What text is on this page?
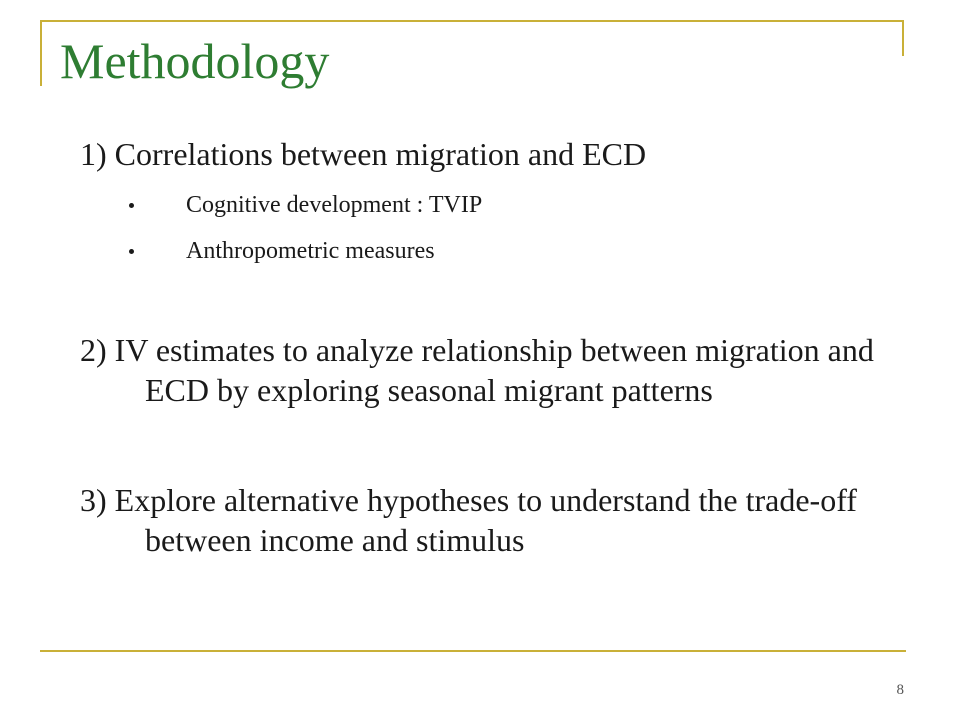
Methodology

1) Correlations between migration and ECD

Cognitive development : TVIP
Anthropometric measures

2) IV estimates to analyze relationship between migration and ECD by exploring seasonal migrant patterns

3) Explore alternative hypotheses to understand the trade-off between income and stimulus

8
